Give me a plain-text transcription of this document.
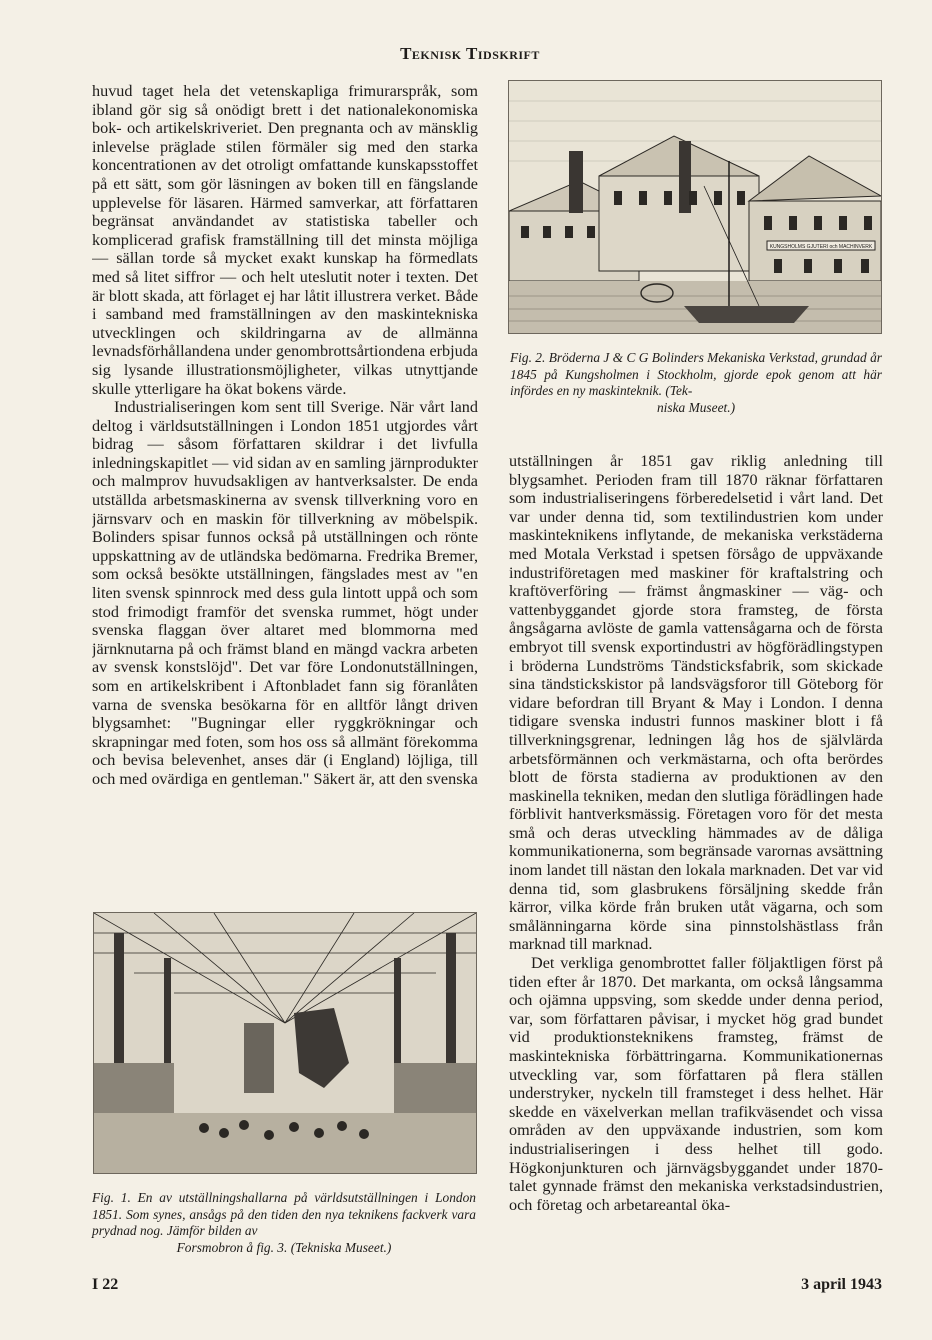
Teknisk Tidskrift

huvud taget hela det vetenskapliga frimurarspråk, som ibland gör sig så onödigt brett i det nationalekonomiska bok- och artikelskriveriet. Den pregnanta och av mänsklig inlevelse präglade stilen förmäler sig med den starka koncentrationen av det otroligt omfattande kunskapsstoffet på ett sätt, som gör läsningen av boken till en fängslande upplevelse för läsaren. Härmed samverkar, att författaren begränsat användandet av statistiska tabeller och komplicerad grafisk framställning till det minsta möjliga — sällan torde så mycket exakt kunskap ha förmedlats med så litet siffror — och helt uteslutit noter i texten. Det är blott skada, att förlaget ej har låtit illustrera verket. Både i samband med framställningen av den maskintekniska utvecklingen och skildringarna av de allmänna levnadsförhållandena under genombrottsårtiondena erbjuda sig lysande illustrationsmöjligheter, vilkas utnyttjande skulle ytterligare ha ökat bokens värde.

Industrialiseringen kom sent till Sverige. När vårt land deltog i världsutställningen i London 1851 utgjordes vårt bidrag — såsom författaren skildrar i det livfulla inledningskapitlet — vid sidan av en samling järnprodukter och malmprov huvudsakligen av hantverksalster. De enda utställda arbetsmaskinerna av svensk tillverkning voro en järnsvarv och en maskin för tillverkning av möbelspik. Bolinders spisar funnos också på utställningen och rönte uppskattning av de utländska bedömarna. Fredrika Bremer, som också besökte utställningen, fängslades mest av "en liten svensk spinnrock med dess gula lintott uppå och som stod frimodigt framför det svenska rummet, högt under svenska flaggan över altaret med blommorna med järnknutarna på och främst bland en mängd vackra arbeten av svensk konstslöjd". Det var före Londonutställningen, som en artikelskribent i Aftonbladet fann sig föranlåten varna de svenska besökarna för en alltför långt driven blygsamhet: "Bugningar eller ryggkrökningar och skrapningar med foten, som hos oss så allmänt förekomma och bevisa belevenhet, anses där (i England) löjliga, till och med ovärdiga en gentleman." Säkert är, att den svenska

KUNGSHOLMS GJUTERI och MACHINVERK
Fig. 2. Bröderna J & C G Bolinders Mekaniska Verkstad, grundad år 1845 på Kungsholmen i Stockholm, gjorde epok genom att här infördes en ny maskinteknik. (Tek-
niska Museet.)

utställningen år 1851 gav riklig anledning till blygsamhet. Perioden fram till 1870 räknar författaren som industrialiseringens förberedelsetid i vårt land. Det var under denna tid, som textilindustrien kom under maskinteknikens inflytande, de mekaniska verkstäderna med Motala Verkstad i spetsen försågo de uppväxande industriföretagen med maskiner för kraftalstring och kraftöverföring — främst ångmaskiner — väg- och vattenbyggandet gjorde stora framsteg, de första ångsågarna avlöste de gamla vattensågarna och de första embryot till svensk exportindustri av högförädlingstypen i bröderna Lundströms Tändsticksfabrik, som skickade sina tändstickskistor på landsvägsforor till Göteborg för vidare befordran till Bryant & May i London. I denna tidigare svenska industri funnos maskiner blott i få tillverkningsgrenar, ledningen låg hos de självlärda arbetsförmännen och verkmästarna, och ofta berördes blott de första stadierna av produktionen av den maskinella tekniken, medan den slutliga förädlingen hade förblivit hantverksmässig. Företagen voro för det mesta små och deras utveckling hämmades av de dåliga kommunikationerna, som begränsade varornas avsättning inom landet till nästan den lokala marknaden. Det var vid denna tid, som glasbrukens försäljning skedde från kärror, vilka körde från bruken utåt vägarna, och som smålänningarna körde sina pinnstolshästlass från marknad till marknad.

Det verkliga genombrottet faller följaktligen först på tiden efter år 1870. Det markanta, om också långsamma och ojämna uppsving, som skedde under denna period, var, som författaren påvisar, i mycket hög grad bundet vid produktionsteknikens framsteg, främst de maskintekniska förbättringarna. Kommunikationernas utveckling var, som författaren på flera ställen understryker, nyckeln till framsteget i dess helhet. Här skedde en växelverkan mellan trafikväsendet och vissa områden av den uppväxande industrien, som kom industrialiseringen i dess helhet till godo. Högkonjunkturen och järnvägsbyggandet under 1870-talet gynnade främst den mekaniska verkstadsindustrien, och företag och arbetareantal öka-

Fig. 1. En av utställningshallarna på världsutställningen i London 1851. Som synes, ansågs på den tiden den nya teknikens fackverk vara prydnad nog. Jämför bilden av
Forsmobron å fig. 3. (Tekniska Museet.)
I 22	3 april 1943
